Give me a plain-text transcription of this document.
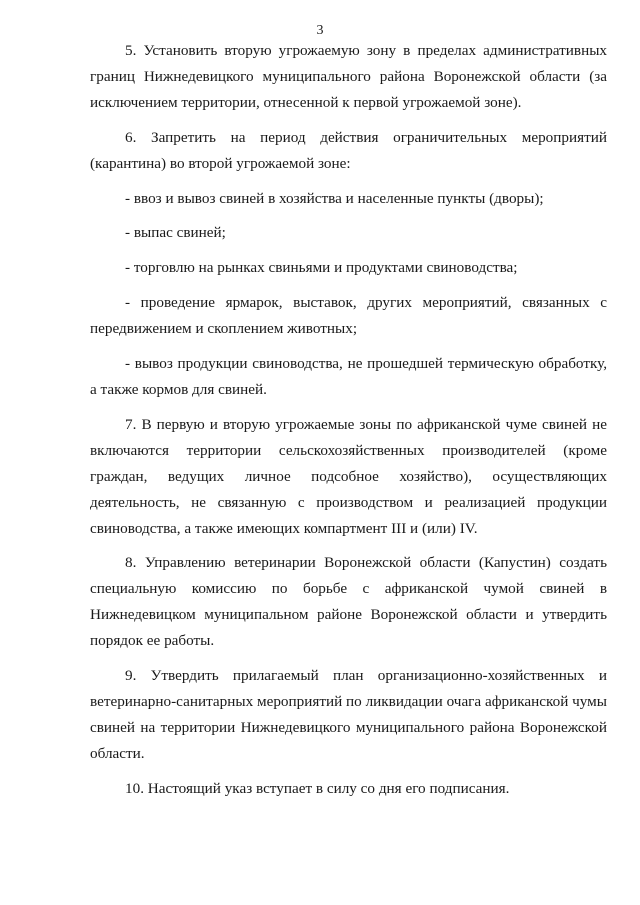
3

5. Установить вторую угрожаемую зону в пределах административных границ Нижнедевицкого муниципального района Воронежской области (за исключением территории, отнесенной к первой угрожаемой зоне).

6. Запретить на период действия ограничительных мероприятий (карантина) во второй угрожаемой зоне:

- ввоз и вывоз свиней в хозяйства и населенные пункты (дворы);

- выпас свиней;

- торговлю на рынках свиньями и продуктами свиноводства;

- проведение ярмарок, выставок, других мероприятий, связанных с передвижением и скоплением животных;

- вывоз продукции свиноводства, не прошедшей термическую обработку, а также кормов для свиней.

7. В первую и вторую угрожаемые зоны по африканской чуме свиней не включаются территории сельскохозяйственных производителей (кроме граждан, ведущих личное подсобное хозяйство), осуществляющих деятельность, не связанную с производством и реализацией продукции свиноводства, а также имеющих компартмент III и (или) IV.

8. Управлению ветеринарии Воронежской области (Капустин) создать специальную комиссию по борьбе с африканской чумой свиней в Нижнедевицком муниципальном районе Воронежской области и утвердить порядок ее работы.

9. Утвердить прилагаемый план организационно-хозяйственных и ветеринарно-санитарных мероприятий по ликвидации очага африканской чумы свиней на территории Нижнедевицкого муниципального района Воронежской области.

10. Настоящий указ вступает в силу со дня его подписания.
